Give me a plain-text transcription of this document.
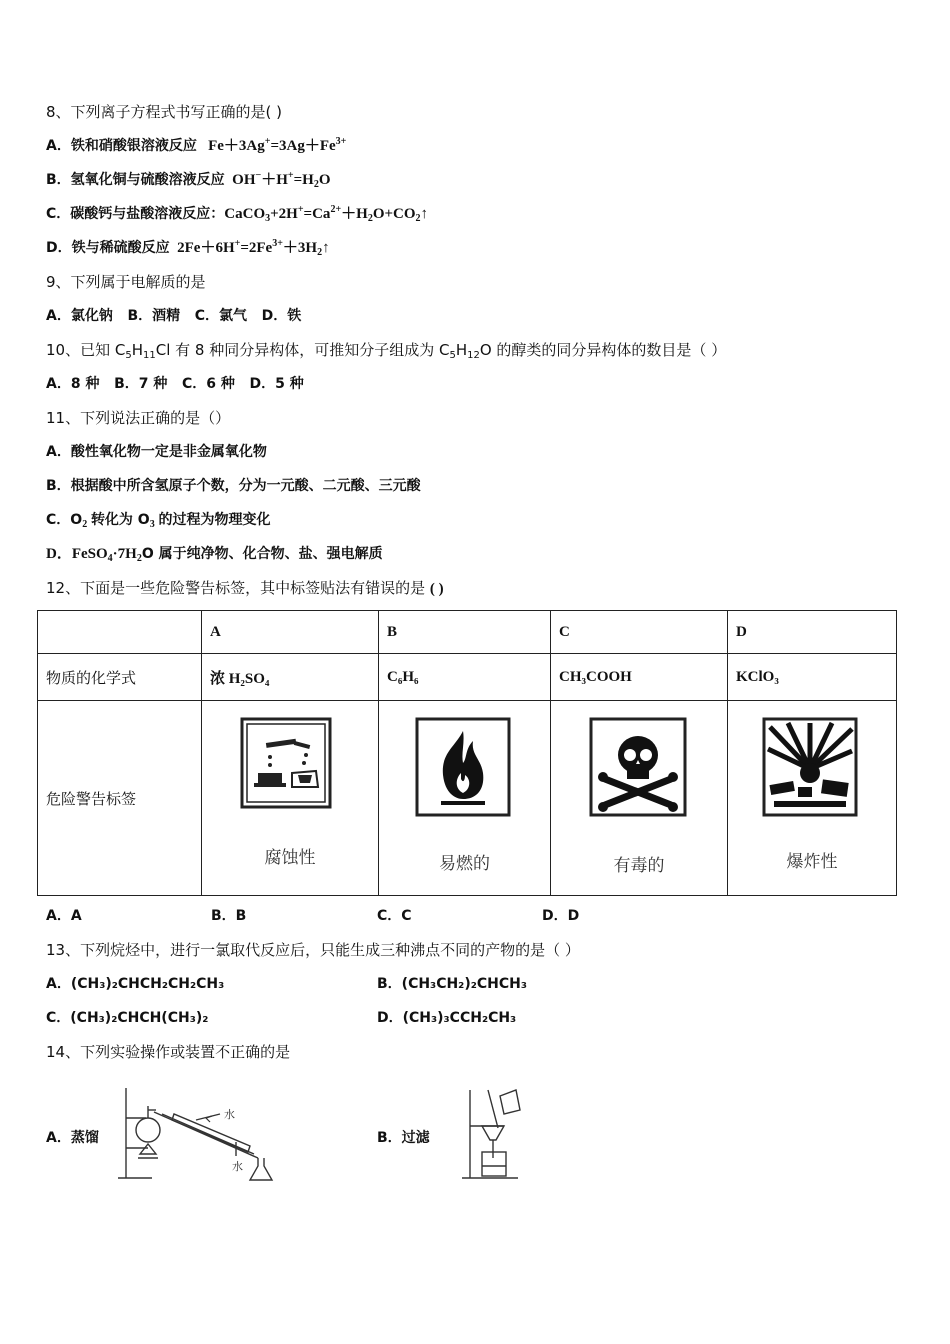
8、下列离子方程式书写正确的是( )
A．铁和硝酸银溶液反应 $Fe+3Ag^+=3Ag+Fe^{3+}$
B．氢氧化铜与硫酸溶液反应 $OH^-+H^+=H_2O$
C．碳酸钙与盐酸溶液反应：$CaCO_3+2H^+=Ca^{2+}+H_2O+CO_2↑$
D．铁与稀硫酸反应 $2Fe+6H^+=2Fe^{3+}+3H_2↑$
9、下列属于电解质的是
A．氯化钠   B．酒精   C．氯气   D．铁
10、已知 $C_5H_{11}Cl$ 有 8 种同分异构体，可推知分子组成为 $C_5H_{12}O$ 的醇类的同分异构体的数目是（ ）
A．8 种   B．7 种   C．6 种   D．5 种
11、下列说法正确的是（）
A．酸性氧化物一定是非金属氧化物
B．根据酸中所含氢原子个数，分为一元酸、二元酸、三元酸
C．$O_2$ 转化为 $O_3$ 的过程为物理变化
D．$FeSO_4\cdot 7H_2O$ 属于纯净物、化合物、盐、强电解质
12、下面是一些危险警告标签，其中标签贴法有错误的是 ( )
	A	B	C	D
物质的化学式	浓 H₂SO₄	C₆H₆	CH₃COOH	KClO₃
危险警告标签	腐蚀性	易燃的	有毒的	爆炸性
A．A	B．B	C．C	D．D
13、下列烷烃中，进行一氯取代反应后，只能生成三种沸点不同的产物的是（ ）
A．(CH₃)₂CHCH₂CH₂CH₃	B．(CH₃CH₂)₂CHCH₃
C．(CH₃)₂CHCH(CH₃)₂	D．(CH₃)₃CCH₂CH₃
14、下列实验操作或装置不正确的是
A．蒸馏
水
水
B．过滤
